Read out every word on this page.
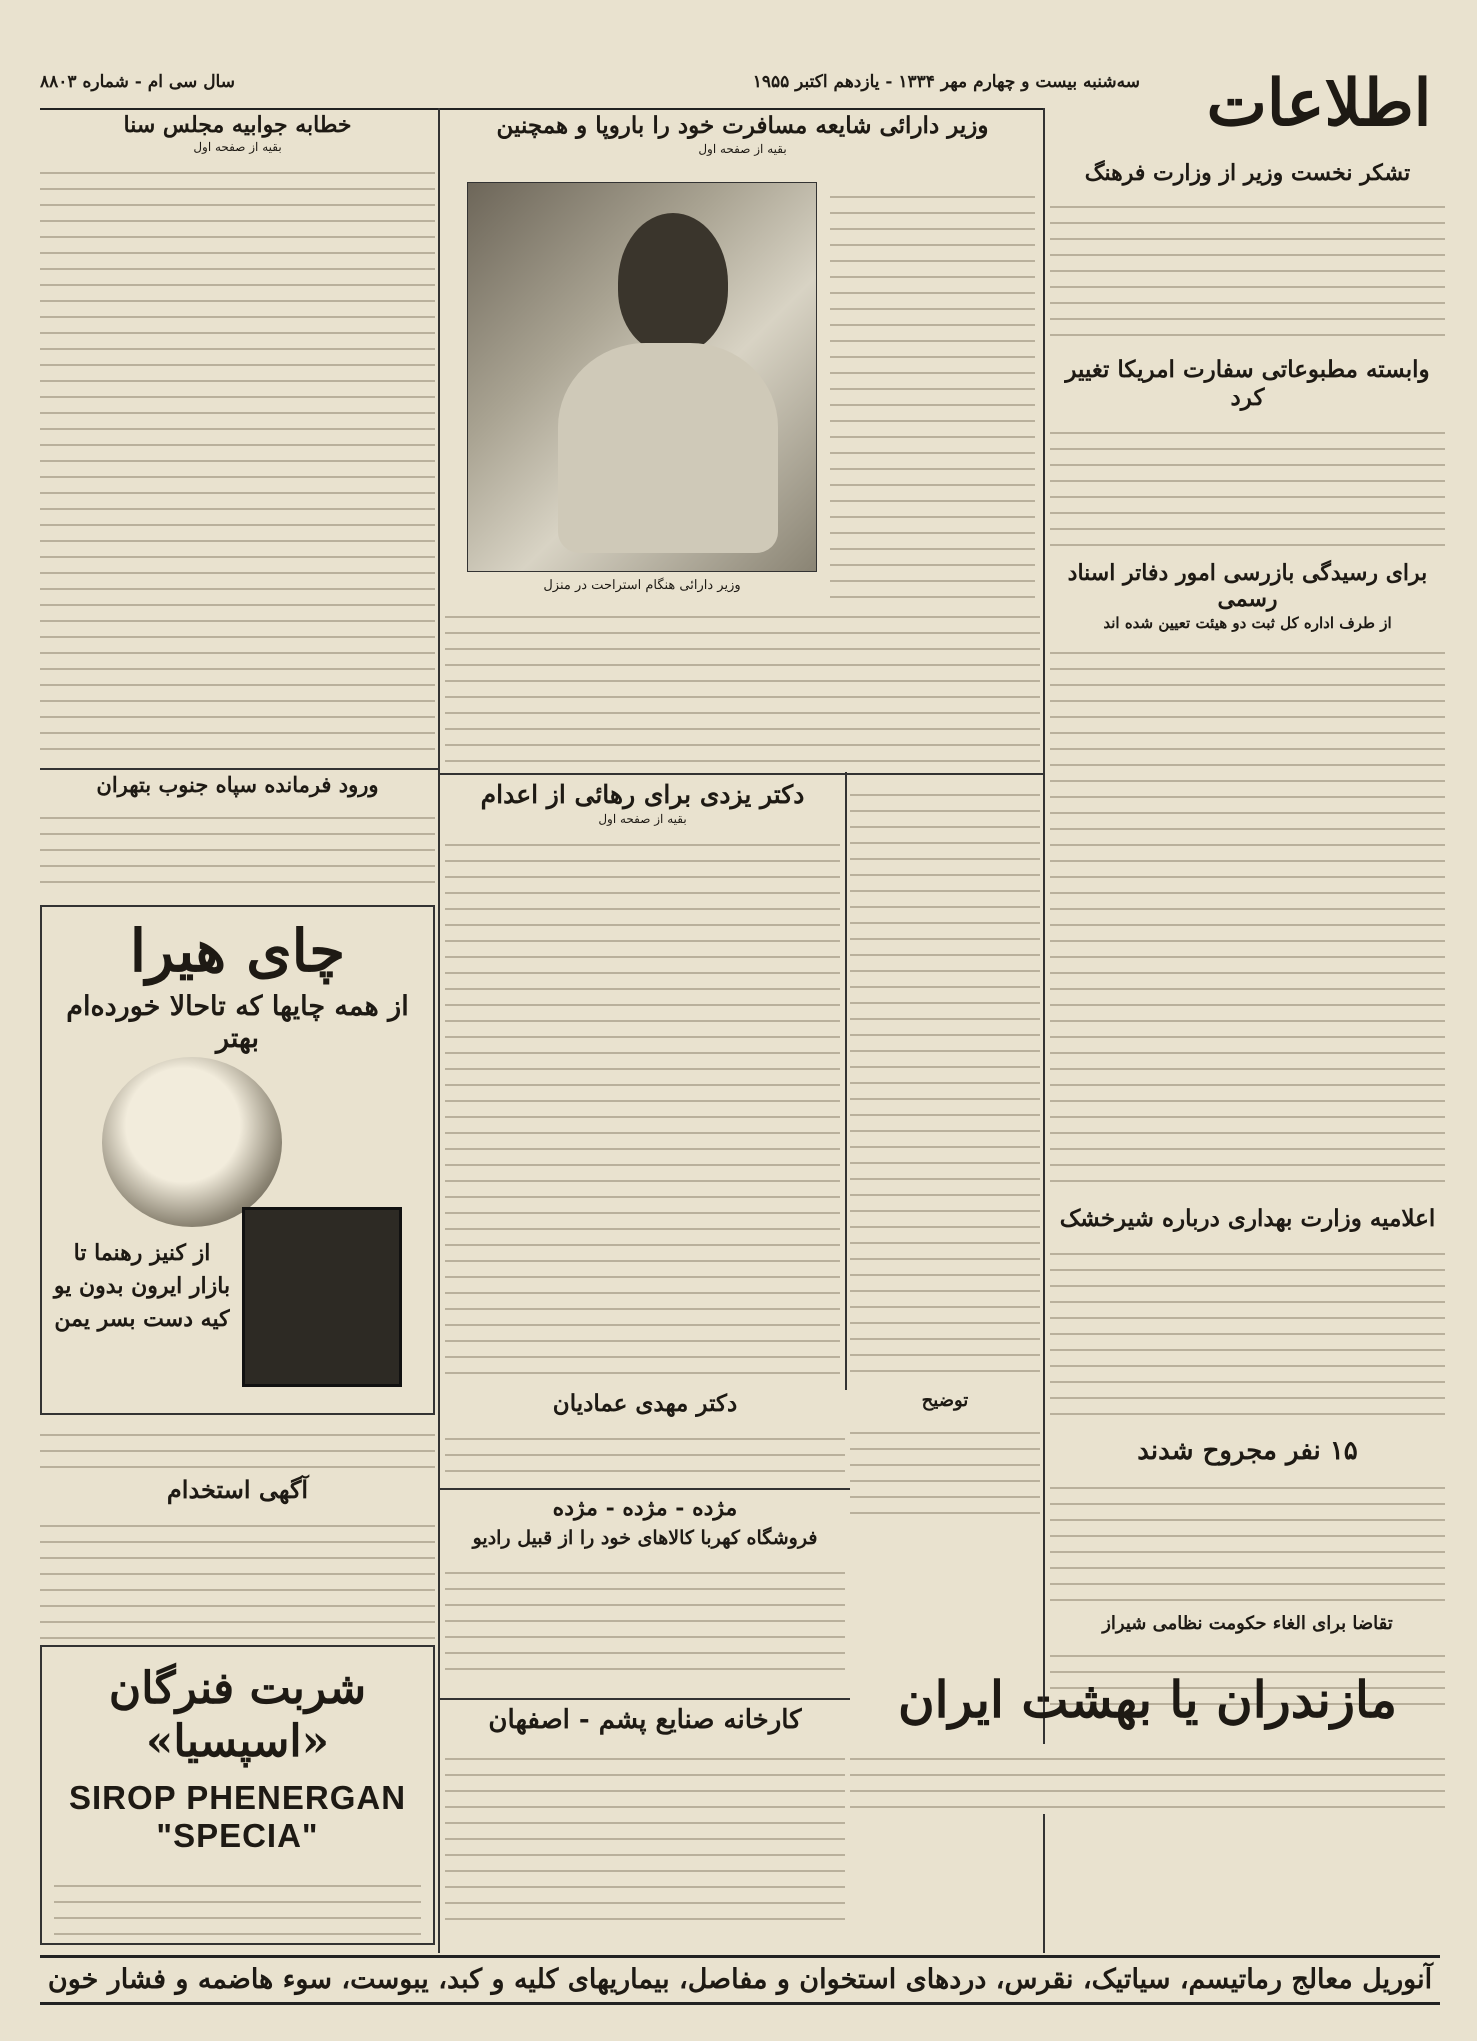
سه‌شنبه بیست و چهارم مهر ۱۳۳۴ - یازدهم اکتبر ۱۹۵۵
سال سی ام - شماره ۸۸۰۳	اطلاعات
تشکر نخست وزیر از وزارت فرهنگ
وابسته مطبوعاتی سفارت امریکا تغییر کرد
برای رسیدگی بازرسی امور دفاتر اسناد رسمی
از طرف اداره کل ثبت دو هیئت تعیین شده اند
اعلامیه وزارت بهداری درباره شیرخشک
۱۵ نفر مجروح شدند
تقاضا برای الغاء حکومت نظامی شیراز
وزیر دارائی شایعه مسافرت خود را باروپا و همچنین
بقیه از صفحه اول
وزیر دارائی هنگام استراحت در منزل
دکتر یزدی برای رهائی از اعدام
بقیه از صفحه اول
خطابه جوابیه مجلس سنا
بقیه از صفحه اول
ورود فرمانده سپاه جنوب بتهران
چای هیرا
از همه چایها که تاحالا خورده‌ام بهتر
از کنیز رهنما تا بازار ایرون بدون یو کیه دست بسر یمن
آگهی استخدام
شربت فنرگان «اسپسیا»
SIROP PHENERGAN "SPECIA"
دکتر مهدی عمادیان
مژده - مژده - مژده
فروشگاه کهربا کالاهای خود را از قبیل رادیو
کارخانه صنایع پشم - اصفهان
توضیح
مازندران یا بهشت ایران
آنوریل معالج رماتیسم، سیاتیک، نقرس، دردهای استخوان و مفاصل، بیماریهای کلیه و کبد، یبوست، سوء هاضمه و فشار خون
